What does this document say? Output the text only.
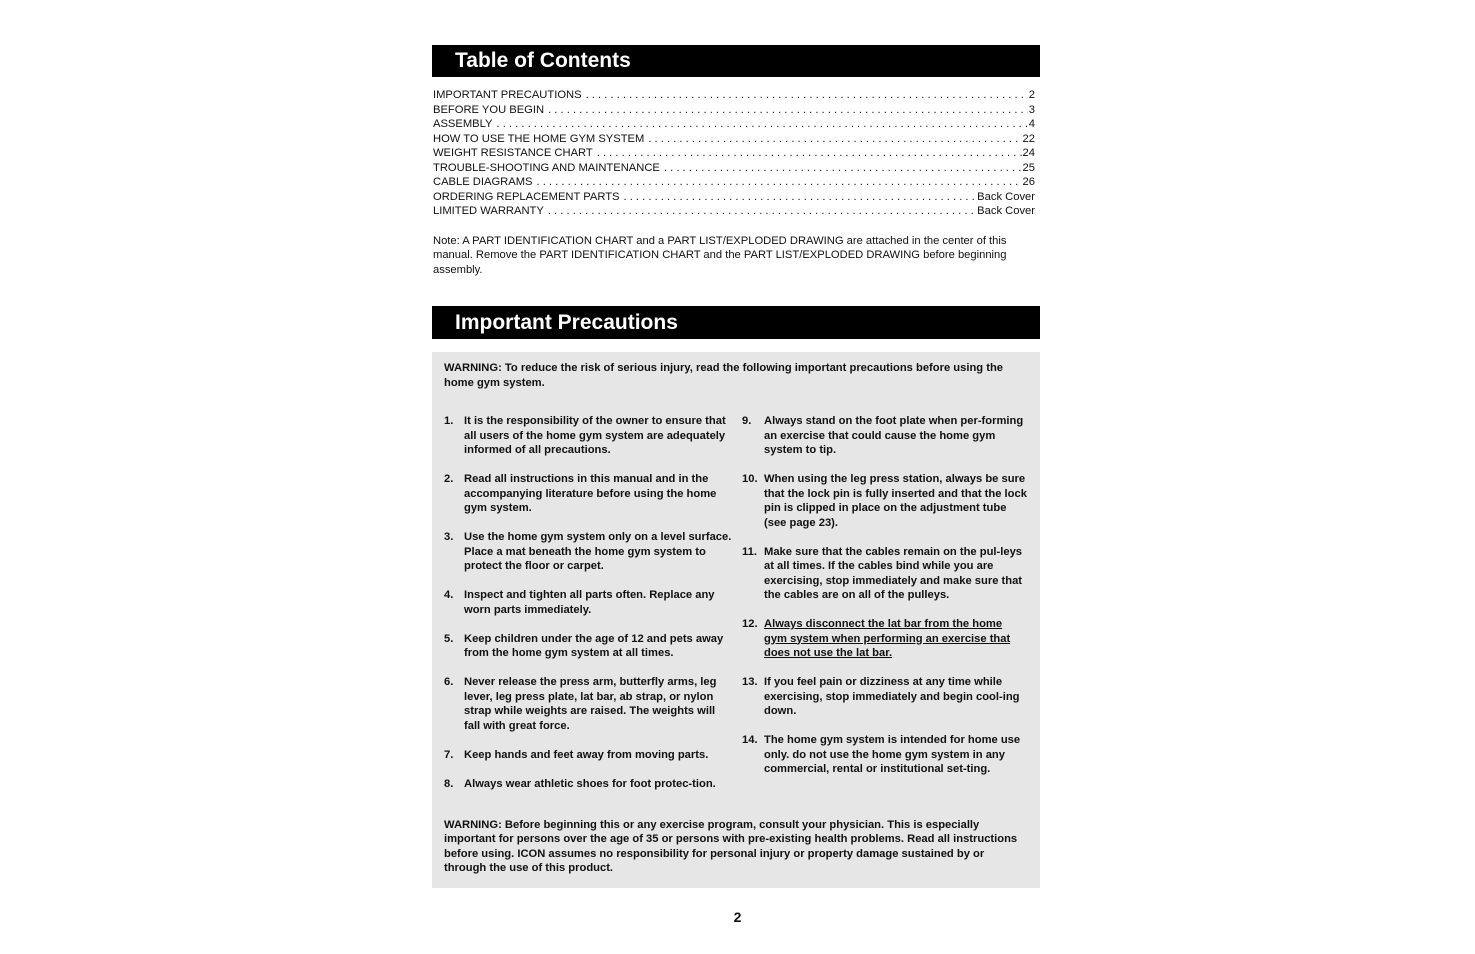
Table of Contents
IMPORTANT PRECAUTIONS . . .	2
BEFORE YOU BEGIN . . .	3
ASSEMBLY . . .	4
HOW TO USE THE HOME GYM SYSTEM . . .	22
WEIGHT RESISTANCE CHART . . .	24
TROUBLE-SHOOTING AND MAINTENANCE . . .	25
CABLE DIAGRAMS . . .	26
ORDERING REPLACEMENT PARTS . . .	Back Cover
LIMITED WARRANTY . . .	Back Cover
Note: A PART IDENTIFICATION CHART and a PART LIST/EXPLODED DRAWING are attached in the center of this manual. Remove the PART IDENTIFICATION CHART and the PART LIST/EXPLODED DRAWING before beginning assembly.
Important Precautions
WARNING: To reduce the risk of serious injury, read the following important precautions before using the home gym system.
1. It is the responsibility of the owner to ensure that all users of the home gym system are adequately informed of all precautions.
2. Read all instructions in this manual and in the accompanying literature before using the home gym system.
3. Use the home gym system only on a level surface. Place a mat beneath the home gym system to protect the floor or carpet.
4. Inspect and tighten all parts often. Replace any worn parts immediately.
5. Keep children under the age of 12 and pets away from the home gym system at all times.
6. Never release the press arm, butterfly arms, leg lever, leg press plate, lat bar, ab strap, or nylon strap while weights are raised. The weights will fall with great force.
7. Keep hands and feet away from moving parts.
8. Always wear athletic shoes for foot protec-tion.
9.	Always stand on the foot plate when per-forming an exercise that could cause the home gym system to tip.
10. When using the leg press station, always be sure that the lock pin is fully inserted and that the lock pin is clipped in place on the adjustment tube (see page 23).
11. Make sure that the cables remain on the pul-leys at all times. If the cables bind while you are exercising, stop immediately and make sure that the cables are on all of the pulleys.
12. Always disconnect the lat bar from the home gym system when performing an exercise that does not use the lat bar.
13. If you feel pain or dizziness at any time while exercising, stop immediately and begin cool-ing down.
14. The home gym system is intended for home use only. do not use the home gym system in any commercial, rental or institutional set-ting.
WARNING: Before beginning this or any exercise program, consult your physician. This is especially important for persons over the age of 35 or persons with pre-existing health problems. Read all instructions before using. ICON assumes no responsibility for personal injury or property damage sustained by or through the use of this product.
2
